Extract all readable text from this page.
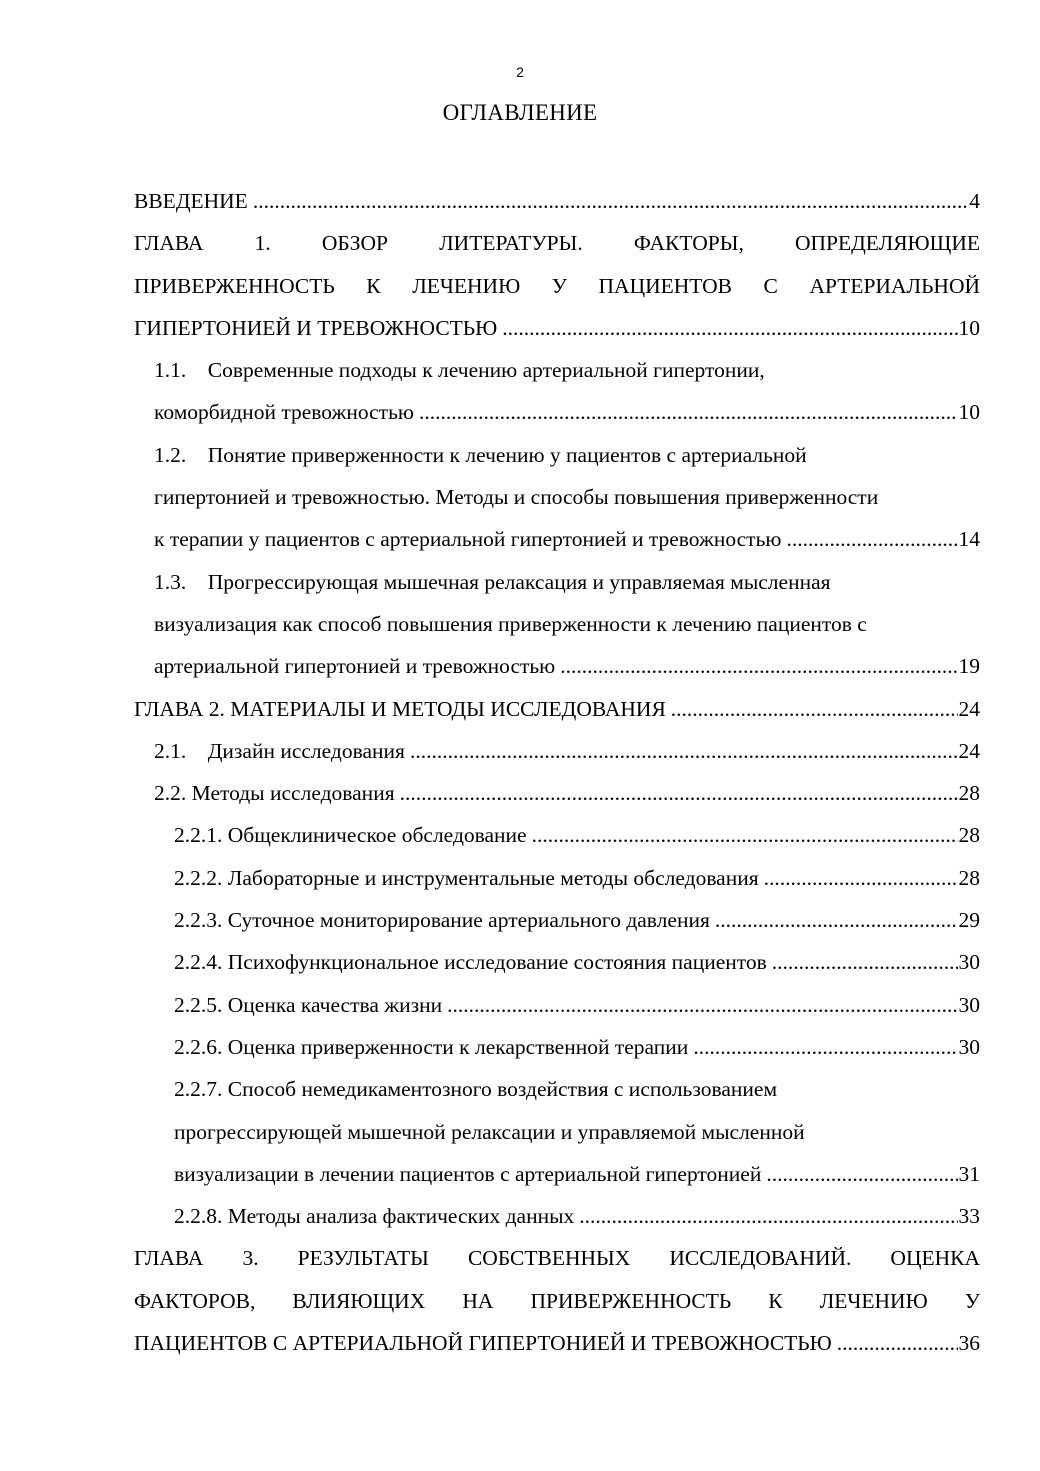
2
ОГЛАВЛЕНИЕ
ВВЕДЕНИЕ .....	4
ГЛАВА 1. ОБЗОР ЛИТЕРАТУРЫ. ФАКТОРЫ, ОПРЕДЕЛЯЮЩИЕ
ПРИВЕРЖЕННОСТЬ К ЛЕЧЕНИЮ У ПАЦИЕНТОВ С АРТЕРИАЛЬНОЙ
ГИПЕРТОНИЕЙ И ТРЕВОЖНОСТЬЮ .....	10
1.1. Современные подходы к лечению артериальной гипертонии,
коморбидной тревожностью .....	10
1.2. Понятие приверженности к лечению у пациентов с артериальной
гипертонией и тревожностью. Методы и способы повышения приверженности
к терапии у пациентов с артериальной гипертонией и тревожностью .....	14
1.3. Прогрессирующая мышечная релаксация и управляемая мысленная
визуализация как способ повышения приверженности к лечению пациентов с
артериальной гипертонией и тревожностью .....	19
ГЛАВА 2. МАТЕРИАЛЫ И МЕТОДЫ ИССЛЕДОВАНИЯ .....	24
2.1. Дизайн исследования .....	24
2.2. Методы исследования .....	28
2.2.1. Общеклиническое обследование .....	28
2.2.2. Лабораторные и инструментальные методы обследования .....	28
2.2.3. Суточное мониторирование артериального давления .....	29
2.2.4. Психофункциональное исследование состояния пациентов .....	30
2.2.5. Оценка качества жизни .....	30
2.2.6. Оценка приверженности к лекарственной терапии .....	30
2.2.7. Способ немедикаментозного воздействия с использованием
прогрессирующей мышечной релаксации и управляемой мысленной
визуализации в лечении пациентов с артериальной гипертонией .....	31
2.2.8. Методы анализа фактических данных .....	33
ГЛАВА 3. РЕЗУЛЬТАТЫ СОБСТВЕННЫХ ИССЛЕДОВАНИЙ. ОЦЕНКА
ФАКТОРОВ, ВЛИЯЮЩИХ НА ПРИВЕРЖЕННОСТЬ К ЛЕЧЕНИЮ У
ПАЦИЕНТОВ С АРТЕРИАЛЬНОЙ ГИПЕРТОНИЕЙ И ТРЕВОЖНОСТЬЮ .....	36
